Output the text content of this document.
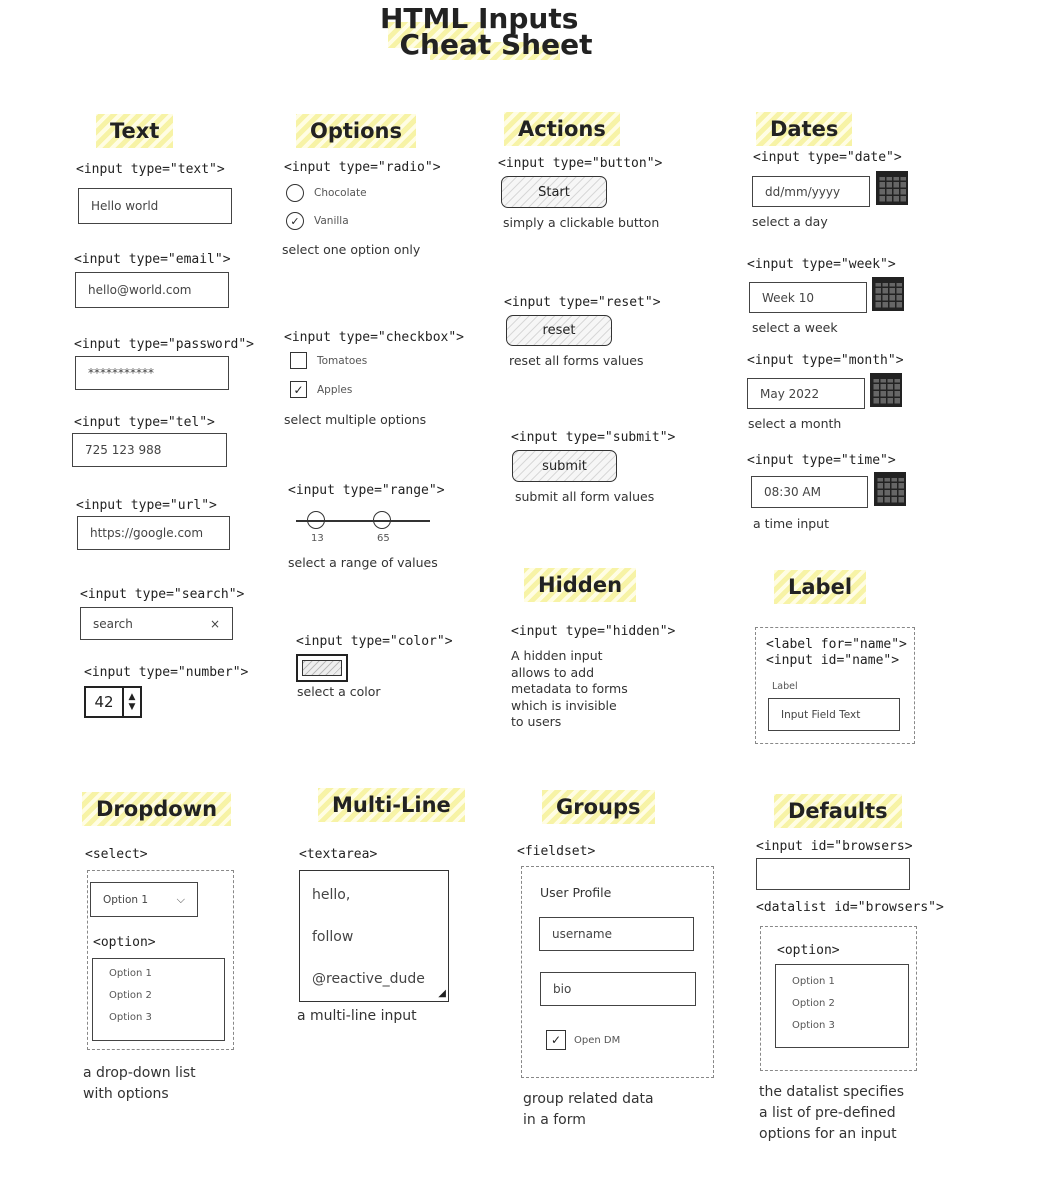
HTML Inputs
Cheat Sheet
Text	Options	Actions	Dates
Hidden	Label
Dropdown	Multi-Line	Groups	Defaults
<input type="text">
Hello world
<input type="email">
hello@world.com
<input type="password">
***********
<input type="tel">
725 123 988
<input type="url">
https://google.com
<input type="search">
search	×
<input type="number">
42	▲
▼
<input type="radio">
Chocolate
✓	Vanilla
select one option only
<input type="checkbox">
Tomatoes
✓	Apples
select multiple options
<input type="range">
13	65
select a range of values
<input type="color">
select a color
<input type="button">
Start
simply a clickable button
<input type="reset">
reset
reset all forms values
<input type="submit">
submit
submit all form values
<input type="date">
dd/mm/yyyy
select a day
<input type="week">
Week 10
select a week
<input type="month">
May 2022
select a month
<input type="time">
08:30 AM
a time input
<input type="hidden">
A hidden input
allows to add
metadata to forms
which is invisible
to users
<label for="name">
<input id="name">
Label
Input Field Text
<select>
Option 1	⌵
<option>
Option 1
Option 2
Option 3
a drop-down list
with options
<textarea>
hello,

follow

@reactive_dude
◢
a multi-line input
<fieldset>
User Profile
username
bio
✓	Open DM
group related data
in a form
<input id="browsers>
<datalist id="browsers">
<option>
Option 1
Option 2
Option 3
the datalist specifies
a list of pre-defined
options for an input
